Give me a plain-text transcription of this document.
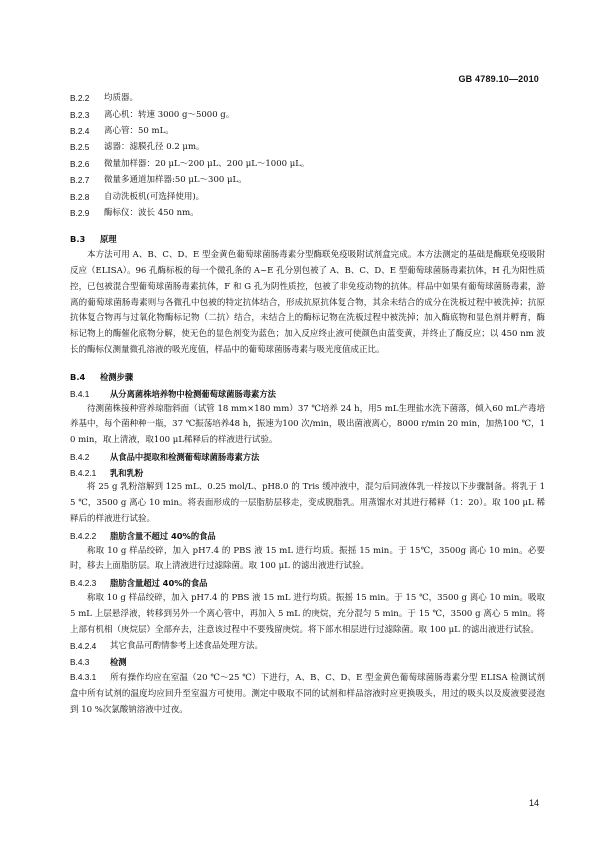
GB 4789.10—2010
B.2.2	均质器。
B.2.3	离心机：转速 3000 g～5000 g。
B.2.4	离心管：50 mL。
B.2.5	滤器：滤膜孔径 0.2 μm。
B.2.6	微量加样器：20 μL～200 μL、200 μL～1000 μL。
B.2.7	微量多通道加样器:50 μL～300 μL。
B.2.8	自动洗板机(可选择使用)。
B.2.9	酶标仪：波长 450 nm。
B.3	原理

本方法可用 A、B、C、D、E 型金黄色葡萄球菌肠毒素分型酶联免疫吸附试剂盒完成。本方法测定的基础是酶联免疫吸附反应（ELISA）。96 孔酶标板的每一个微孔条的 A~E 孔分别包被了 A、B、C、D、E 型葡萄球菌肠毒素抗体，H 孔为阳性质控，已包被混合型葡萄球菌肠毒素抗体，F 和 G 孔为阴性质控，包被了非免疫动物的抗体。样品中如果有葡萄球菌肠毒素，游离的葡萄球菌肠毒素则与各微孔中包被的特定抗体结合，形成抗原抗体复合物，其余未结合的成分在洗板过程中被洗掉；抗原抗体复合物再与过氧化物酶标记物（二抗）结合，未结合上的酶标记物在洗板过程中被洗掉；加入酶底物和显色剂并孵育，酶标记物上的酶催化底物分解，使无色的显色剂变为蓝色；加入反应终止液可使颜色由蓝变黄，并终止了酶反应；以 450 nm 波长的酶标仪测量微孔溶液的吸光度值，样品中的葡萄球菌肠毒素与吸光度值成正比。

B.4	检测步骤
B.4.1	从分离菌株培养物中检测葡萄球菌肠毒素方法

待测菌株接种营养琼脂斜面（试管 18 mm×180 mm）37 ℃培养 24 h，用5 mL生理盐水洗下菌落，倾入60 mL产毒培养基中，每个菌种种一瓶，37 ℃振荡培养48 h，振速为100 次/min，吸出菌液离心，8000 r/min 20 min，加热100 ℃，10 min，取上清液，取100 μL稀释后的样液进行试验。

B.4.2	从食品中提取和检测葡萄球菌肠毒素方法
B.4.2.1	乳和乳粉

将 25 g 乳粉溶解到 125 mL、0.25 mol/L、pH8.0 的 Tris 缓冲液中，混匀后同液体乳一样按以下步骤制备。将乳于 15 ℃，3500 g 离心 10 min。将表面形成的一层脂肪层移走，变成脱脂乳。用蒸馏水对其进行稀释（1：20）。取 100 μL 稀释后的样液进行试验。

B.4.2.2	脂肪含量不超过 40%的食品

称取 10 g 样品绞碎，加入 pH7.4 的 PBS 液 15 mL 进行均质。振摇 15 min。于 15℃，3500g 离心 10 min。必要时，移去上面脂肪层。取上清液进行过滤除菌。取 100 μL 的滤出液进行试验。

B.4.2.3	脂肪含量超过 40%的食品

称取 10 g 样品绞碎，加入 pH7.4 的 PBS 液 15 mL 进行均质。振摇 15 min。于 15 ℃，3500 g 离心 10 min。吸取 5 mL 上层悬浮液，转移到另外一个离心管中，再加入 5 mL 的庚烷，充分混匀 5 min。于 15 ℃，3500 g 离心 5 min。将上部有机相（庚烷层）全部弃去，注意该过程中不要残留庚烷。将下部水相层进行过滤除菌。取 100 μL 的滤出液进行试验。

B.4.2.4	其它食品可酌情参考上述食品处理方法。
B.4.3	检测

B.4.3.1 所有操作均应在室温（20 ℃～25 ℃）下进行，A、B、C、D、E 型金黄色葡萄球菌肠毒素分型 ELISA 检测试剂盒中所有试剂的温度均应回升至室温方可使用。测定中吸取不同的试剂和样品溶液时应更换吸头，用过的吸头以及废液要浸泡到 10 %次氯酸钠溶液中过夜。

14
